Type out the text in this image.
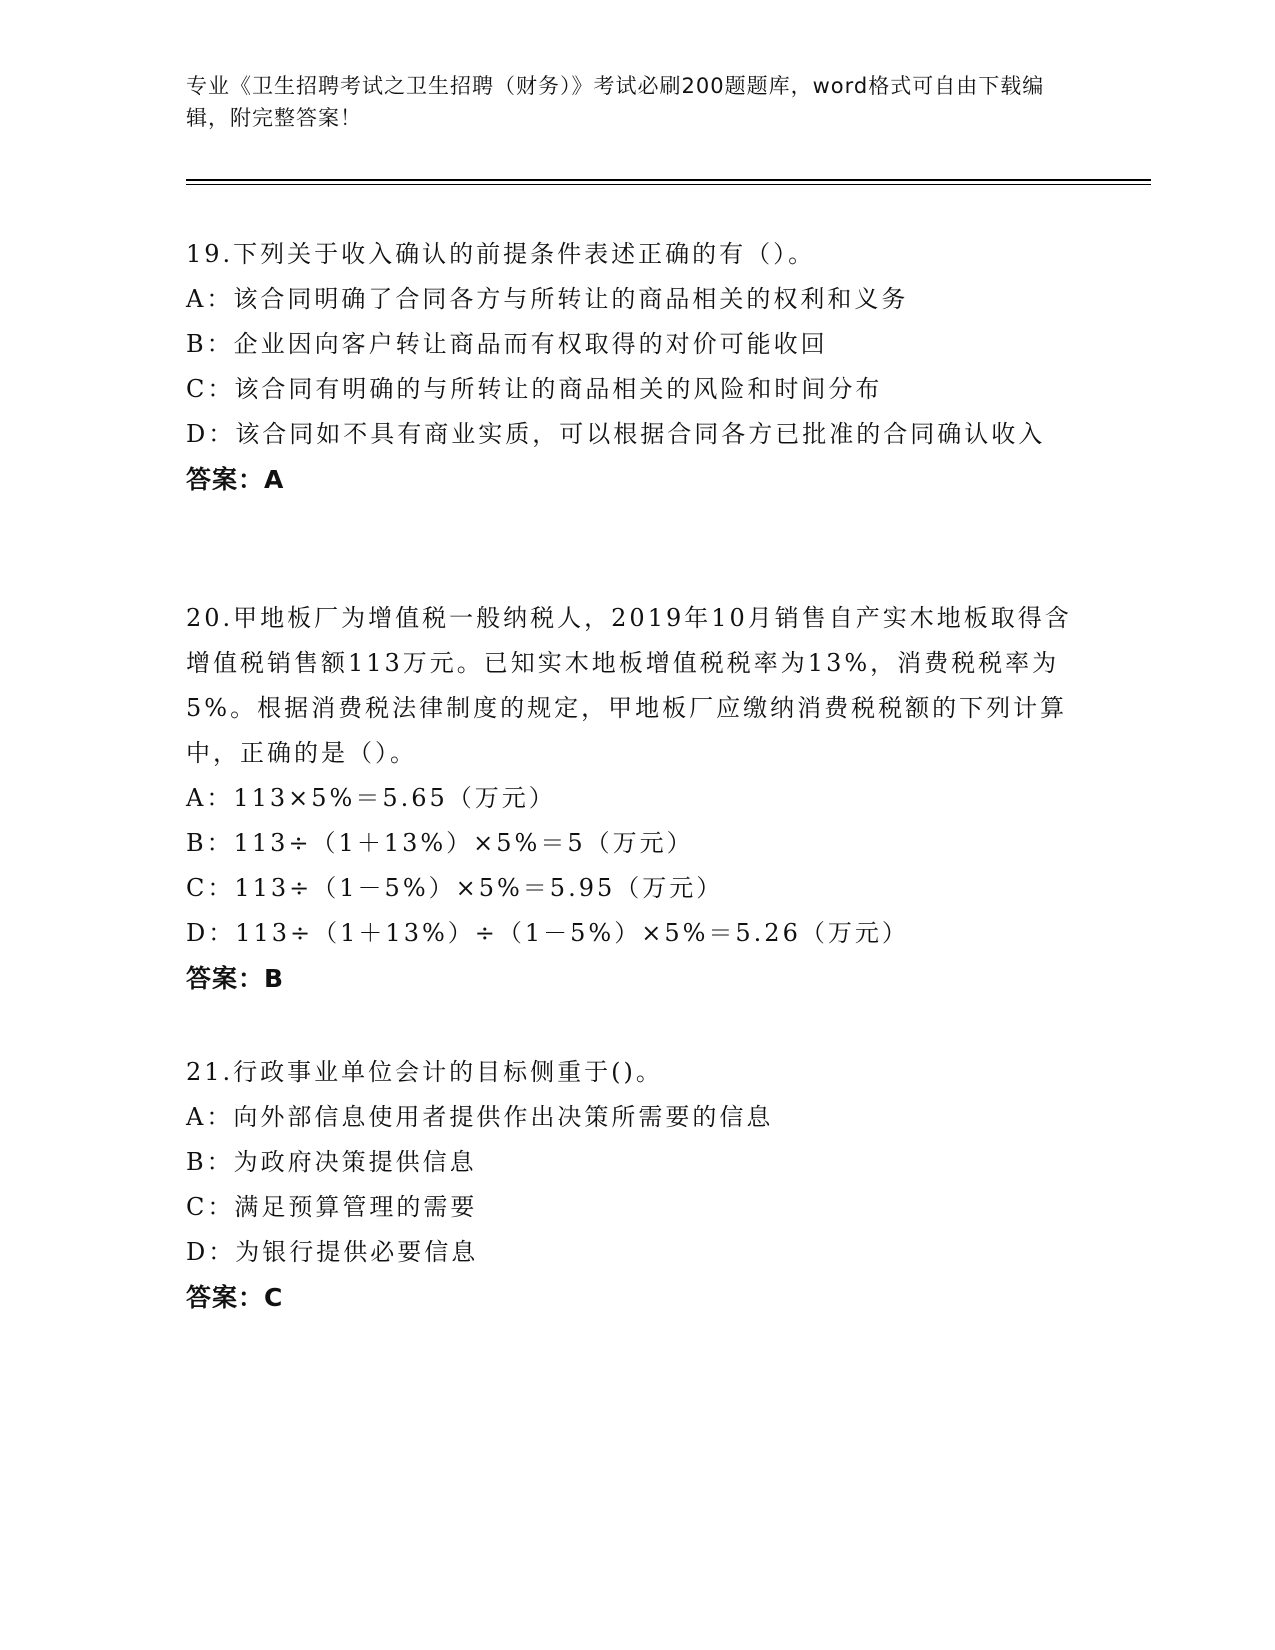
专业《卫生招聘考试之卫生招聘（财务）》考试必刷200题题库，word格式可自由下载编辑，附完整答案！

19.下列关于收入确认的前提条件表述正确的有（）。

A：该合同明确了合同各方与所转让的商品相关的权利和义务

B：企业因向客户转让商品而有权取得的对价可能收回

C：该合同有明确的与所转让的商品相关的风险和时间分布

D：该合同如不具有商业实质，可以根据合同各方已批准的合同确认收入

答案：A

20.甲地板厂为增值税一般纳税人，2019年10月销售自产实木地板取得含增值税销售额113万元。已知实木地板增值税税率为13%，消费税税率为5%。根据消费税法律制度的规定，甲地板厂应缴纳消费税税额的下列计算中，正确的是（）。

A：113×5%＝5.65（万元）

B：113÷（1＋13%）×5%＝5（万元）

C：113÷（1－5%）×5%＝5.95（万元）

D：113÷（1＋13%）÷（1－5%）×5%＝5.26（万元）

答案：B

21.行政事业单位会计的目标侧重于()。

A：向外部信息使用者提供作出决策所需要的信息

B：为政府决策提供信息

C：满足预算管理的需要

D：为银行提供必要信息

答案：C
